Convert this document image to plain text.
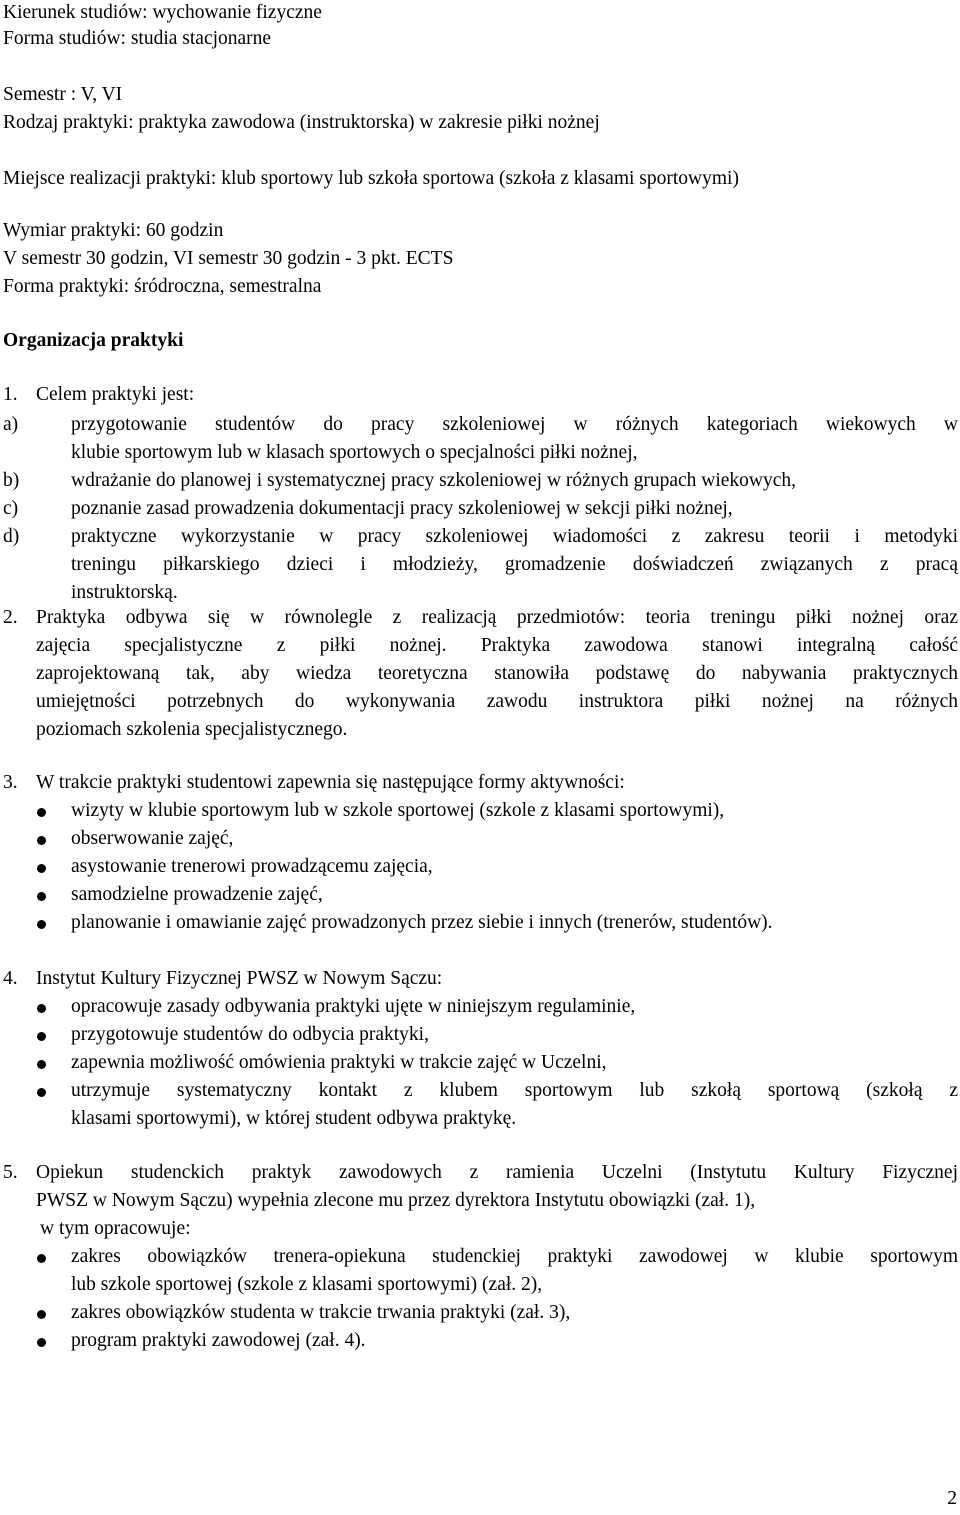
Kierunek studiów: wychowanie fizyczne
Forma studiów: studia stacjonarne
Semestr : V, VI
Rodzaj praktyki: praktyka zawodowa (instruktorska) w zakresie piłki nożnej
Miejsce realizacji praktyki: klub sportowy lub szkoła sportowa (szkoła z klasami sportowymi)
Wymiar praktyki: 60 godzin
V semestr 30 godzin, VI semestr 30 godzin - 3 pkt. ECTS
Forma praktyki: śródroczna, semestralna
Organizacja praktyki
1. Celem praktyki jest:
a)	przygotowanie studentów do pracy szkoleniowej w różnych kategoriach wiekowych w
klubie sportowym lub w klasach sportowych o specjalności piłki nożnej,
b)	wdrażanie do planowej i systematycznej pracy szkoleniowej w różnych grupach wiekowych,
c)	poznanie zasad prowadzenia dokumentacji pracy szkoleniowej w sekcji piłki nożnej,
d)	praktyczne wykorzystanie w pracy szkoleniowej wiadomości z zakresu teorii i metodyki
treningu piłkarskiego dzieci i młodzieży, gromadzenie doświadczeń związanych z pracą
instruktorską.
2. Praktyka odbywa się w równolegle z realizacją przedmiotów: teoria treningu piłki nożnej oraz
zajęcia specjalistyczne z piłki nożnej. Praktyka zawodowa stanowi integralną całość
zaprojektowaną tak, aby wiedza teoretyczna stanowiła podstawę do nabywania praktycznych
umiejętności potrzebnych do wykonywania zawodu instruktora piłki nożnej na różnych
poziomach szkolenia specjalistycznego.
3. W trakcie praktyki studentowi zapewnia się następujące formy aktywności:
wizyty w klubie sportowym lub w szkole sportowej (szkole z klasami sportowymi),
obserwowanie zajęć,
asystowanie trenerowi prowadzącemu zajęcia,
samodzielne prowadzenie zajęć,
planowanie i omawianie zajęć prowadzonych przez siebie i innych (trenerów, studentów).
4. Instytut Kultury Fizycznej PWSZ w Nowym Sączu:
opracowuje zasady odbywania praktyki ujęte w niniejszym regulaminie,
przygotowuje studentów do odbycia praktyki,
zapewnia możliwość omówienia praktyki w trakcie zajęć w Uczelni,
utrzymuje systematyczny kontakt z klubem sportowym lub szkołą sportową (szkołą z
klasami sportowymi), w której student odbywa praktykę.
5. Opiekun studenckich praktyk zawodowych z ramienia Uczelni (Instytutu Kultury Fizycznej
PWSZ w Nowym Sączu) wypełnia zlecone mu przez dyrektora Instytutu obowiązki (zał. 1),
w tym opracowuje:
zakres obowiązków trenera-opiekuna studenckiej praktyki zawodowej w klubie sportowym
lub szkole sportowej (szkole z klasami sportowymi) (zał. 2),
zakres obowiązków studenta w trakcie trwania praktyki (zał. 3),
program praktyki zawodowej (zał. 4).
2
